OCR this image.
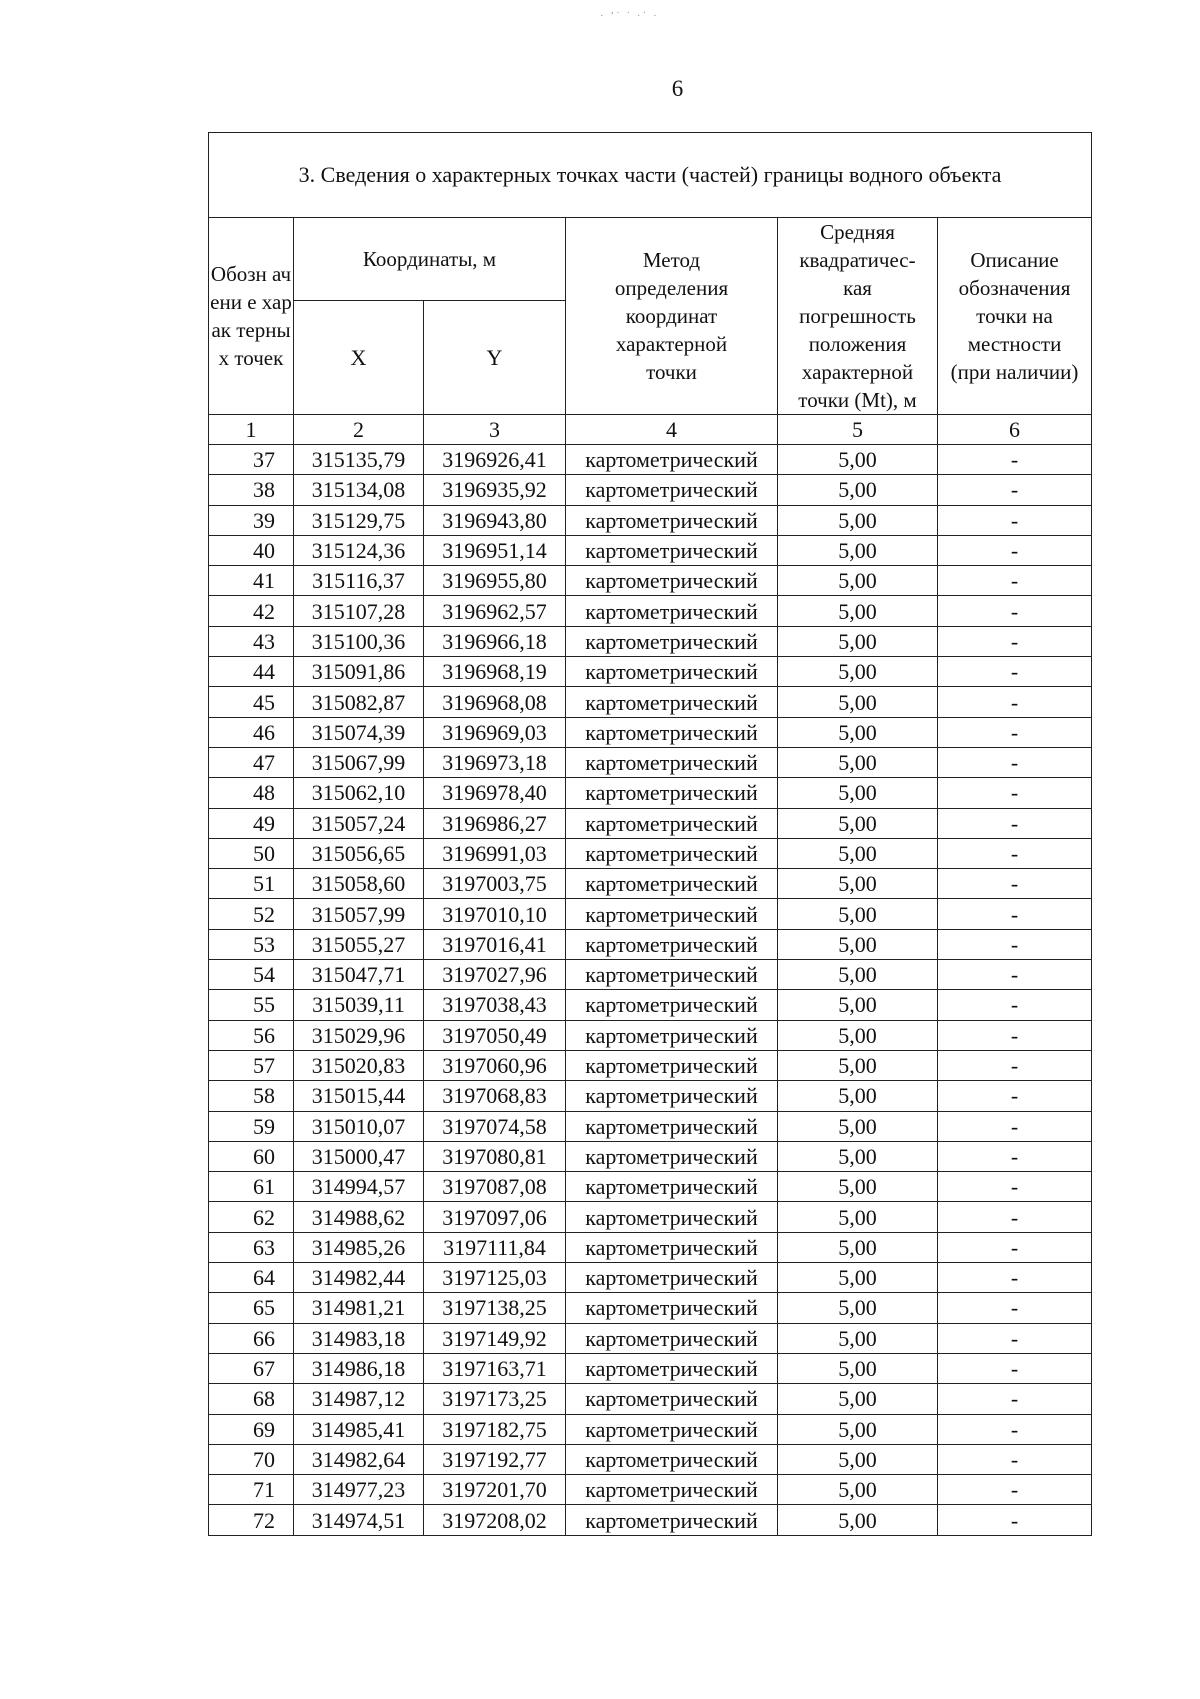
· ʼ˙ ˙ ·˙ ·
6
3. Сведения о характерных точках части (частей) границы водного объекта					
Обозн ачени е харак терны х точек	Координаты, м		Метод определения координат характерной точки	Средняя квадратичес- кая погрешность положения характерной точки (Mt), м	Описание обозначения точки на местности (при наличии)
	X	Y			
1	2	3	4	5	6
37	315135,79	3196926,41	картометрический	5,00	-
38	315134,08	3196935,92	картометрический	5,00	-
39	315129,75	3196943,80	картометрический	5,00	-
40	315124,36	3196951,14	картометрический	5,00	-
41	315116,37	3196955,80	картометрический	5,00	-
42	315107,28	3196962,57	картометрический	5,00	-
43	315100,36	3196966,18	картометрический	5,00	-
44	315091,86	3196968,19	картометрический	5,00	-
45	315082,87	3196968,08	картометрический	5,00	-
46	315074,39	3196969,03	картометрический	5,00	-
47	315067,99	3196973,18	картометрический	5,00	-
48	315062,10	3196978,40	картометрический	5,00	-
49	315057,24	3196986,27	картометрический	5,00	-
50	315056,65	3196991,03	картометрический	5,00	-
51	315058,60	3197003,75	картометрический	5,00	-
52	315057,99	3197010,10	картометрический	5,00	-
53	315055,27	3197016,41	картометрический	5,00	-
54	315047,71	3197027,96	картометрический	5,00	-
55	315039,11	3197038,43	картометрический	5,00	-
56	315029,96	3197050,49	картометрический	5,00	-
57	315020,83	3197060,96	картометрический	5,00	-
58	315015,44	3197068,83	картометрический	5,00	-
59	315010,07	3197074,58	картометрический	5,00	-
60	315000,47	3197080,81	картометрический	5,00	-
61	314994,57	3197087,08	картометрический	5,00	-
62	314988,62	3197097,06	картометрический	5,00	-
63	314985,26	3197111,84	картометрический	5,00	-
64	314982,44	3197125,03	картометрический	5,00	-
65	314981,21	3197138,25	картометрический	5,00	-
66	314983,18	3197149,92	картометрический	5,00	-
67	314986,18	3197163,71	картометрический	5,00	-
68	314987,12	3197173,25	картометрический	5,00	-
69	314985,41	3197182,75	картометрический	5,00	-
70	314982,64	3197192,77	картометрический	5,00	-
71	314977,23	3197201,70	картометрический	5,00	-
72	314974,51	3197208,02	картометрический	5,00	-
